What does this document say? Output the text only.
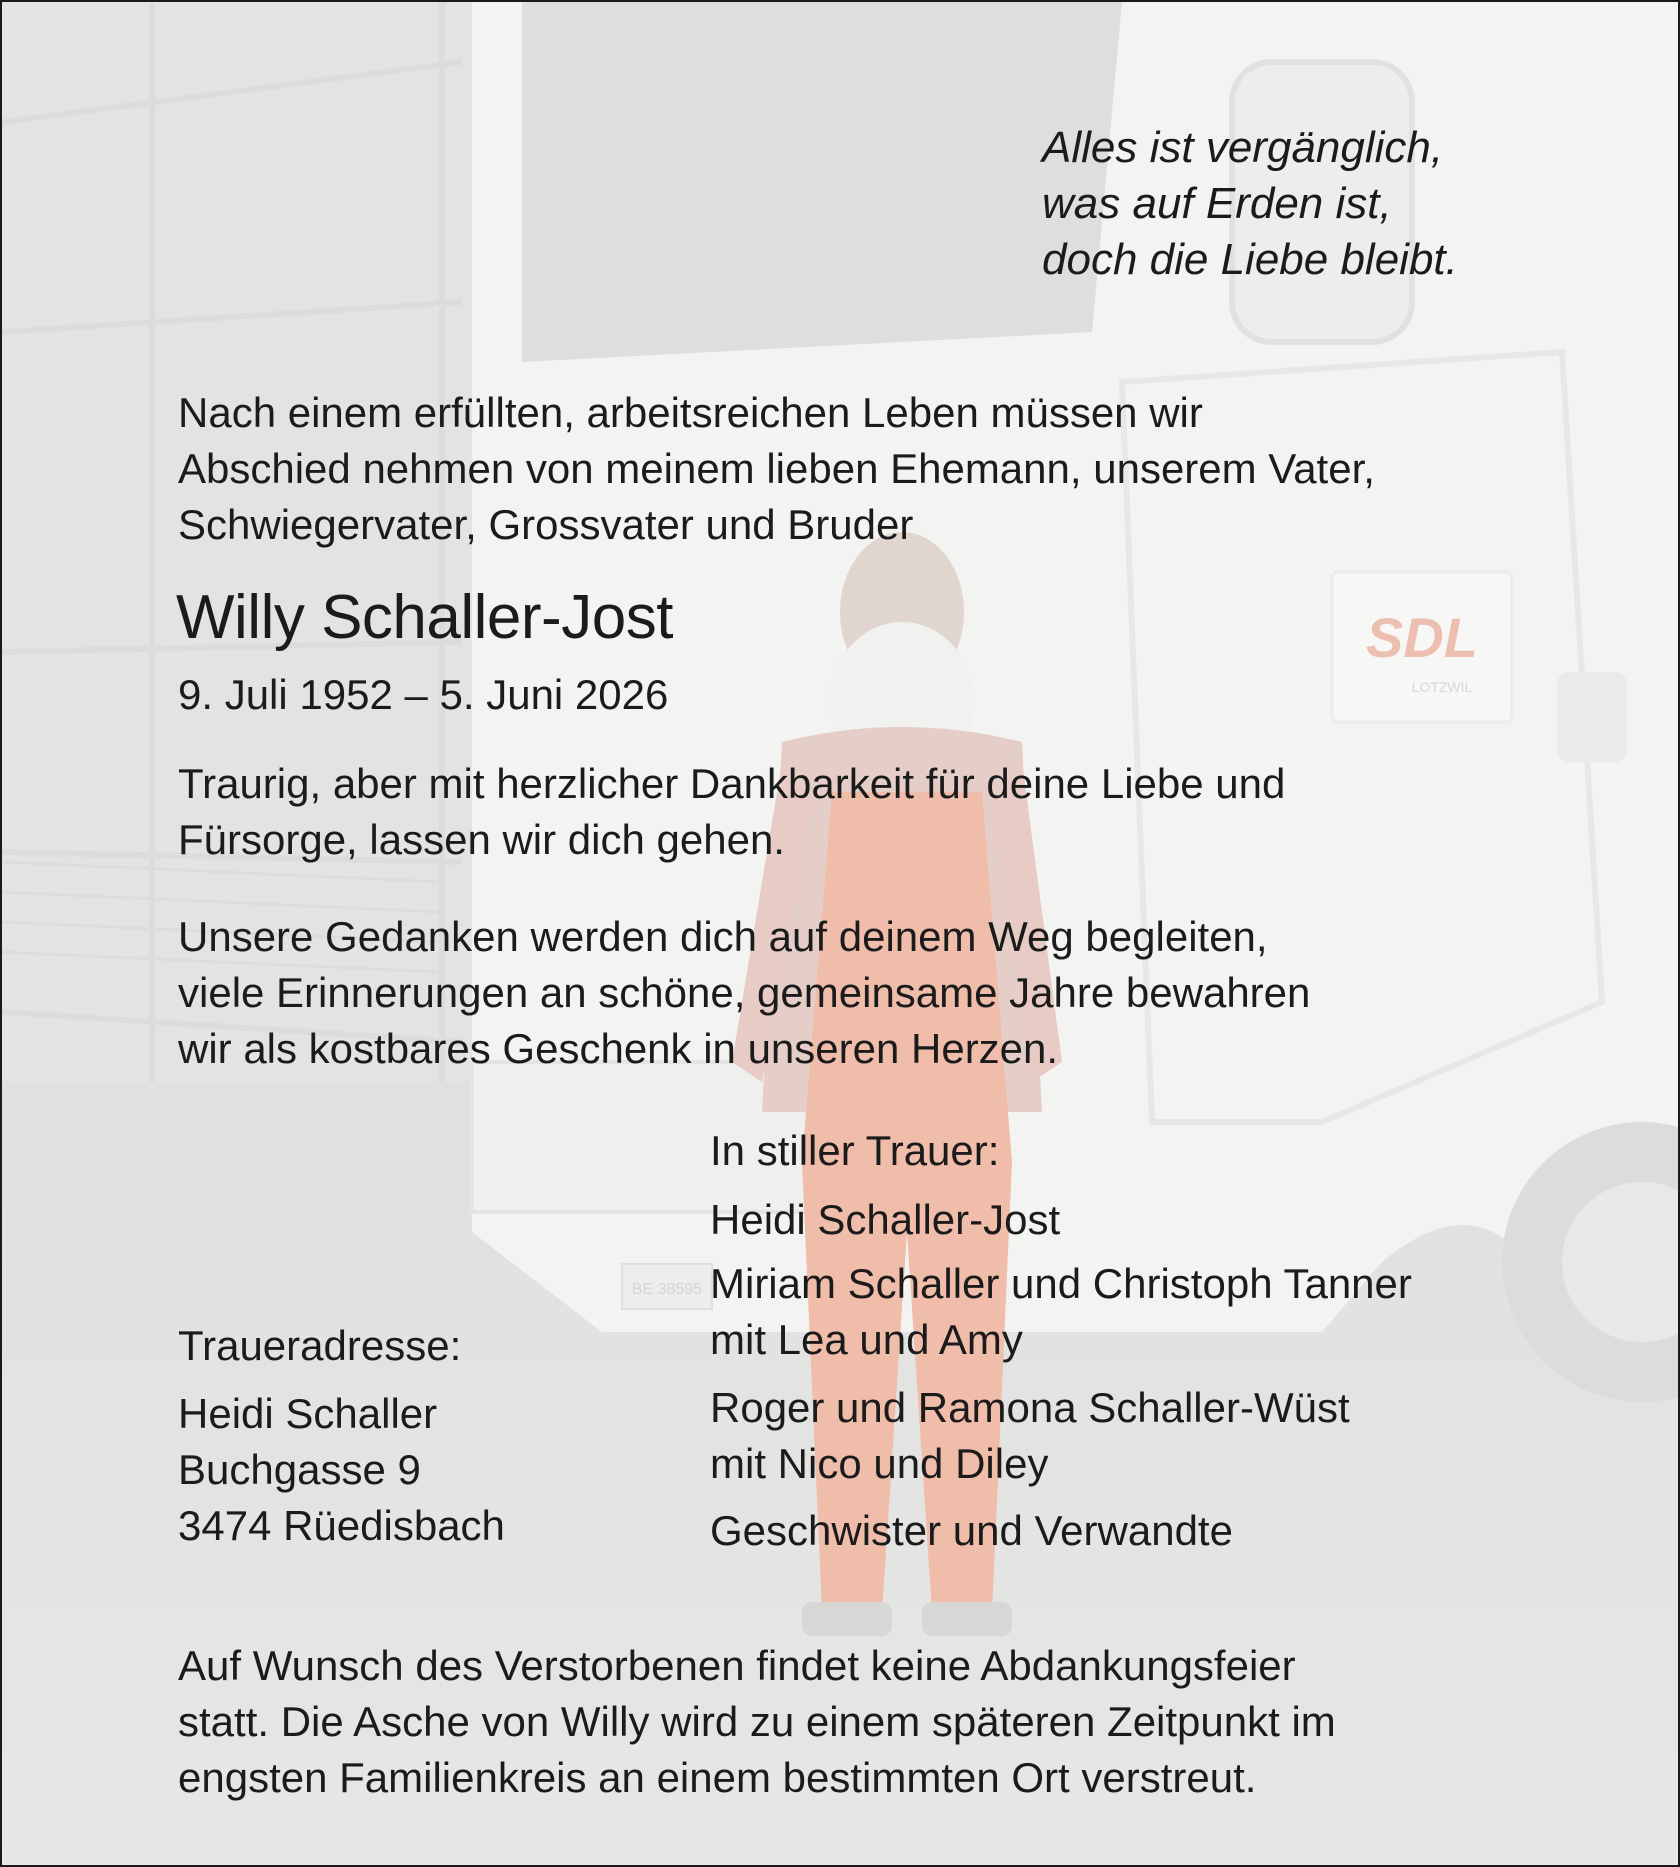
SDL
LOTZWIL
BE 38595
Alles ist vergänglich,
was auf Erden ist,
doch die Liebe bleibt.
Nach einem erfüllten, arbeitsreichen Leben müssen wir
Abschied nehmen von meinem lieben Ehemann, unserem Vater,
Schwiegervater, Grossvater und Bruder
Willy Schaller-Jost
9. Juli 1952 – 5. Juni 2026
Traurig, aber mit herzlicher Dankbarkeit für deine Liebe und
Fürsorge, lassen wir dich gehen.
Unsere Gedanken werden dich auf deinem Weg begleiten,
viele Erinnerungen an schöne, gemeinsame Jahre bewahren
wir als kostbares Geschenk in unseren Herzen.
In stiller Trauer:
Heidi Schaller-Jost
Miriam Schaller und Christoph Tanner
mit Lea und Amy
Roger und Ramona Schaller-Wüst
mit Nico und Diley
Geschwister und Verwandte
Traueradresse:
Heidi Schaller
Buchgasse 9
3474 Rüedisbach
Auf Wunsch des Verstorbenen findet keine Abdankungsfeier
statt. Die Asche von Willy wird zu einem späteren Zeitpunkt im
engsten Familienkreis an einem bestimmten Ort verstreut.
